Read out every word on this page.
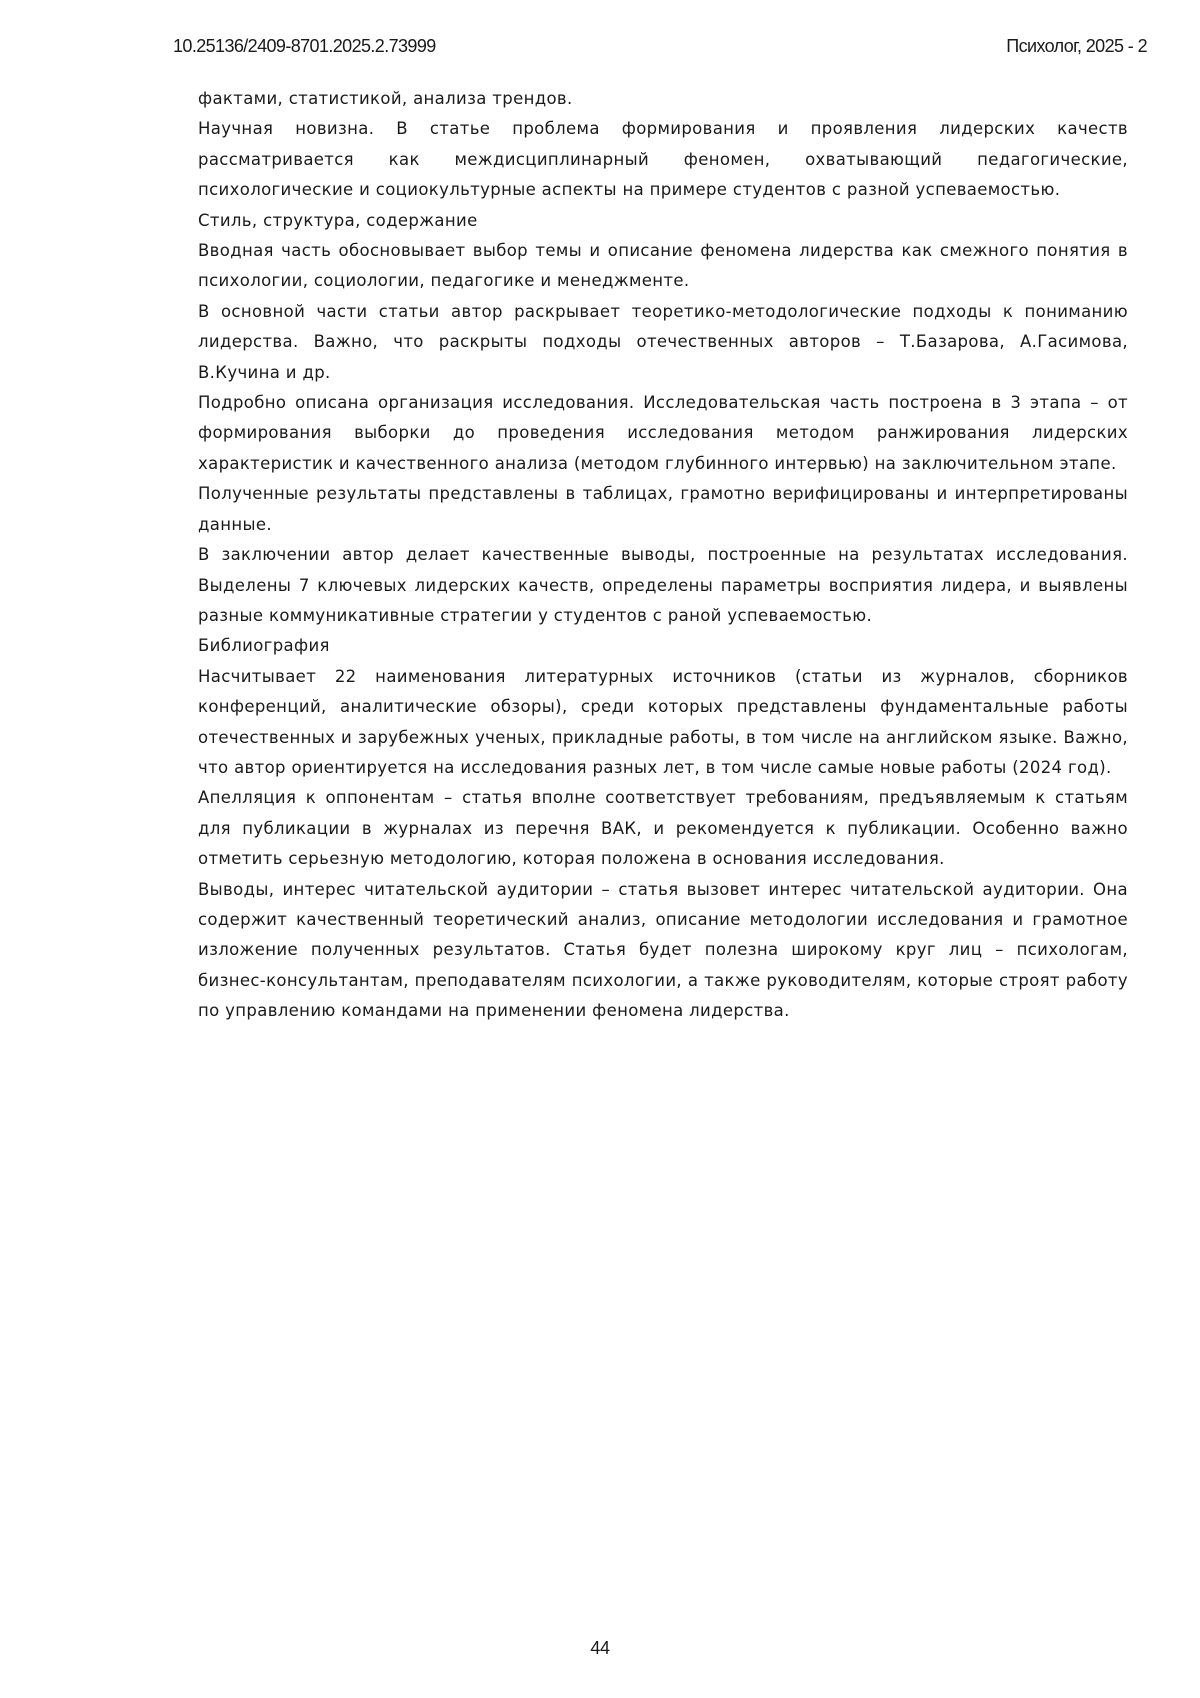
10.25136/2409-8701.2025.2.73999	Психолог, 2025 - 2

фактами, статистикой, анализа трендов.

Научная новизна. В статье проблема формирования и проявления лидерских качеств рассматривается как междисциплинарный феномен, охватывающий педагогические, психологические и социокультурные аспекты на примере студентов с разной успеваемостью.

Стиль, структура, содержание

Вводная часть обосновывает выбор темы и описание феномена лидерства как смежного понятия в психологии, социологии, педагогике и менеджменте.

В основной части статьи автор раскрывает теоретико-методологические подходы к пониманию лидерства. Важно, что раскрыты подходы отечественных авторов – Т.Базарова, А.Гасимова, В.Кучина и др.

Подробно описана организация исследования. Исследовательская часть построена в 3 этапа – от формирования выборки до проведения исследования методом ранжирования лидерских характеристик и качественного анализа (методом глубинного интервью) на заключительном этапе.

Полученные результаты представлены в таблицах, грамотно верифицированы и интерпретированы данные.

В заключении автор делает качественные выводы, построенные на результатах исследования. Выделены 7 ключевых лидерских качеств, определены параметры восприятия лидера, и выявлены разные коммуникативные стратегии у студентов с раной успеваемостью.

Библиография

Насчитывает 22 наименования литературных источников (статьи из журналов, сборников конференций, аналитические обзоры), среди которых представлены фундаментальные работы отечественных и зарубежных ученых, прикладные работы, в том числе на английском языке. Важно, что автор ориентируется на исследования разных лет, в том числе самые новые работы (2024 год).

Апелляция к оппонентам – статья вполне соответствует требованиям, предъявляемым к статьям для публикации в журналах из перечня ВАК, и рекомендуется к публикации. Особенно важно отметить серьезную методологию, которая положена в основания исследования.

Выводы, интерес читательской аудитории – статья вызовет интерес читательской аудитории. Она содержит качественный теоретический анализ, описание методологии исследования и грамотное изложение полученных результатов. Статья будет полезна широкому круг лиц – психологам, бизнес-консультантам, преподавателям психологии, а также руководителям, которые строят работу по управлению командами на применении феномена лидерства.

44
